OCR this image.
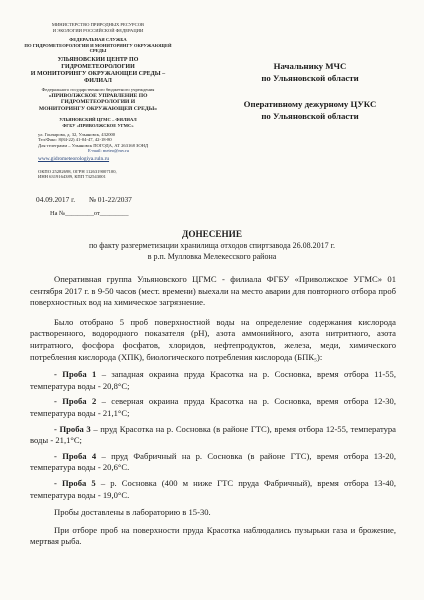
МИНИСТЕРСТВО ПРИРОДНЫХ РЕСУРСОВ
И ЭКОЛОГИИ РОССИЙСКОЙ ФЕДЕРАЦИИ
ФЕДЕРАЛЬНАЯ СЛУЖБА
ПО ГИДРОМЕТЕОРОЛОГИИ И МОНИТОРИНГУ ОКРУЖАЮЩЕЙ
СРЕДЫ
УЛЬЯНОВСКИЙ ЦЕНТР ПО
ГИДРОМЕТЕОРОЛОГИИ
И МОНИТОРИНГУ ОКРУЖАЮЩЕЙ СРЕДЫ –
ФИЛИАЛ
Федерального государственного бюджетного учреждения
«ПРИВОЛЖСКОЕ УПРАВЛЕНИЕ ПО
ГИДРОМЕТЕОРОЛОГИИ И
МОНИТОРИНГУ ОКРУЖАЮЩЕЙ СРЕДЫ»
УЛЬЯНОВСКИЙ ЦГМС – ФИЛИАЛ
ФГБУ «ПРИВОЛЖСКОЕ УГМС»
ул. Гончарова, д. 32, Ульяновск, 432000
Тел/Факс: 8(84-22) 41-04-47, 42-18-80
Для телеграмм – Ульяновск ПОГОДА, АТ 263168 ЗОНД
E-mail: meteo@mv.ru
www.gidrometeorologiya.ruln.ru
ОКПО 25282698, ОГРН 1126319007100,
ИНН 6319164389, КПП 732543001
04.09.2017 г. № 01-22/2037
На №_________от_________
Начальнику МЧС
по Ульяновской области
Оперативному дежурному ЦУКС
по Ульяновской области
ДОНЕСЕНИЕ
по факту разгерметизации хранилища отходов спиртзавода 26.08.2017 г.
в р.п. Мулловка Мелекесского района

Оперативная группа Ульяновского ЦГМС - филиала ФГБУ «Приволжское УГМС» 01 сентября 2017 г. в 9-50 часов (мест. времени) выехали на место аварии для повторного отбора проб поверхностных вод на химическое загрязнение.

Было отобрано 5 проб поверхностной воды на определение содержания кислорода растворенного, водородного показателя (pH), азота аммонийного, азота нитритного, азота нитратного, фосфора фосфатов, хлоридов, нефтепродуктов, железа, меди, химического потребления кислорода (ХПК), биологического потребления кислорода (БПК₅):

- Проба 1 – западная окраина пруда Красотка на р. Сосновка, время отбора 11-55, температура воды - 20,8°С;

- Проба 2 – северная окраина пруда Красотка на р. Сосновка, время отбора 12-30, температура воды - 21,1°С;

- Проба 3 – пруд Красотка на р. Сосновка (в районе ГТС), время отбора 12-55, температура воды - 21,1°С;

- Проба 4 – пруд Фабричный на р. Сосновка (в районе ГТС), время отбора 13-20, температура воды - 20,6°С.

- Проба 5 – р. Сосновка (400 м ниже ГТС пруда Фабричный), время отбора 13-40, температура воды - 19,0°С.

Пробы доставлены в лабораторию в 15-30.

При отборе проб на поверхности пруда Красотка наблюдались пузырьки газа и брожение, мертвая рыба.
